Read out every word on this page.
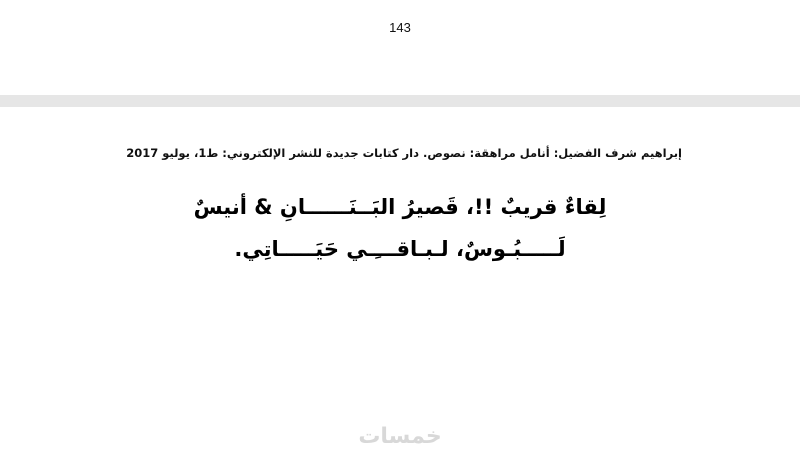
143
إبراهيم شرف الفضيل: أنامل مراهقة: نصوص. دار كتابات جديدة للنشر الإلكتروني: ط1، يوليو 2017
لِقاءٌ قريبٌ !!، قَصيرُ البَــنَــــــانِ & أنيسٌ
لَـــــبُـوسٌ، لـبـاقـــِـي حَيَـــــاتِي.
خمسات
